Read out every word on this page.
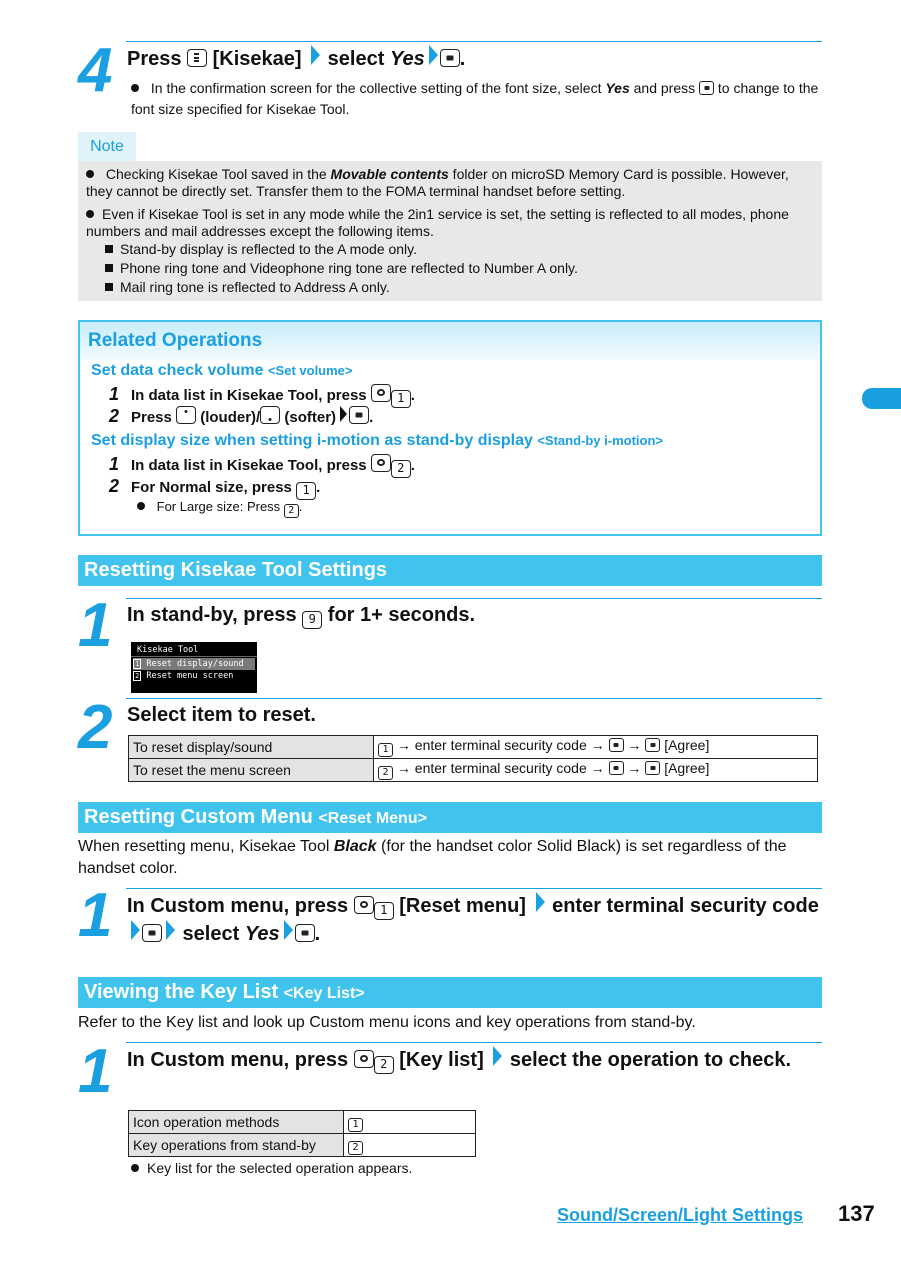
4 Press  [Kisekae]  select Yes .
In the confirmation screen for the collective setting of the font size, select Yes and press  to change to the font size specified for Kisekae Tool.
Note
Checking Kisekae Tool saved in the Movable contents folder on microSD Memory Card is possible. However, they cannot be directly set. Transfer them to the FOMA terminal handset before setting.
Even if Kisekae Tool is set in any mode while the 2in1 service is set, the setting is reflected to all modes, phone numbers and mail addresses except the following items.
Stand-by display is reflected to the A mode only.
Phone ring tone and Videophone ring tone are reflected to Number A only.
Mail ring tone is reflected to Address A only.
Related Operations
Set data check volume <Set volume>
1 In data list in Kisekae Tool, press 1 .
2 Press  (louder)/ (softer) .
Set display size when setting i-motion as stand-by display <Stand-by i-motion>
1 In data list in Kisekae Tool, press 2 .
2 For Normal size, press 1 .
For Large size: Press 2 .
Resetting Kisekae Tool Settings
1 In stand-by, press 9 for 1+ seconds.
Kisekae Tool
1 Reset display/sound
2 Reset menu screen
2 Select item to reset.
To reset display/sound	1 → enter terminal security code →  →  [Agree]
To reset the menu screen	2 → enter terminal security code →  →  [Agree]
Resetting Custom Menu <Reset Menu>
When resetting menu, Kisekae Tool Black (for the handset color Solid Black) is set regardless of the handset color.
1 In Custom menu, press 1 [Reset menu]  enter terminal security code  select Yes .
Viewing the Key List <Key List>
Refer to the Key list and look up Custom menu icons and key operations from stand-by.
1 In Custom menu, press 2 [Key list]  select the operation to check.
Icon operation methods	1
Key operations from stand-by	2
Key list for the selected operation appears.
Sound/Screen/Light Settings 137
